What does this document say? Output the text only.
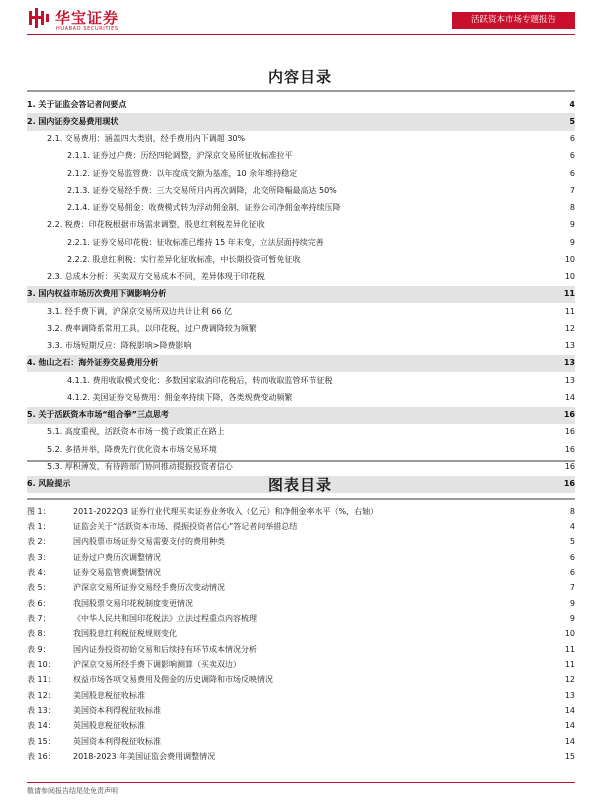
华宝证券
HUABAO SECURITIES
活跃资本市场专题报告
内容目录
1. 关于证监会答记者问要点	4
2. 国内证券交易费用现状	5
2.1. 交易费用：涵盖四大类别，经手费用内下调超 30%	6
2.1.1. 证券过户费：历经四轮调整，沪深京交易所征收标准拉平	6
2.1.2. 证券交易监管费：以年度成交额为基准，10 余年维持稳定	6
2.1.3. 证券交易经手费：三大交易所月内再次调降，北交所降幅最高达 50%	7
2.1.4. 证券交易佣金：收费模式转为浮动佣金制，证券公司净佣金率持续压降	8
2.2. 税费：印花税根据市场需求调整，股息红利税差异化征收	9
2.2.1. 证券交易印花税：征收标准已维持 15 年未变，立法层面持续完善	9
2.2.2. 股息红利税：实行差异化征收标准，中长期投资可暂免征收	10
2.3. 总成本分析：买卖双方交易成本不同，差异体现于印花税	10
3. 国内权益市场历次费用下调影响分析	11
3.1. 经手费下调，沪深京交易所双边共计让利 66 亿	11
3.2. 费率调降系常用工具，以印花税、过户费调降较为频繁	12
3.3. 市场短期反应：降税影响>降费影响	13
4. 他山之石：海外证券交易费用分析	13
4.1.1. 费用收取模式变化：多数国家取消印花税后，转而收取监管环节征税	13
4.1.2. 美国证券交易费用：佣金率持续下降，各类规费变动频繁	14
5. 关于活跃资本市场“组合拳”三点思考	16
5.1. 高度重视，活跃资本市场一揽子政策正在路上	16
5.2. 多措并举，降费先行优化资本市场交易环境	16
5.3. 厚积薄发，有待跨部门协同推动提振投资者信心	16
6. 风险提示	16
图表目录
图 1：	2011-2022Q3 证券行业代理买卖证券业务收入（亿元）和净佣金率水平（%，右轴）	8
表 1：	证监会关于“活跃资本市场、提振投资者信心”答记者问举措总结	4
表 2：	国内股票市场证券交易需要支付的费用种类	5
表 3：	证券过户费历次调整情况	6
表 4：	证券交易监管费调整情况	6
表 5：	沪深京交易所证券交易经手费历次变动情况	7
表 6：	我国股票交易印花税制度变更情况	9
表 7：	《中华人民共和国印花税法》立法过程重点内容梳理	9
表 8：	我国股息红利税征税规则变化	10
表 9：	国内证券投资初始交易和后续持有环节成本情况分析	11
表 10：	沪深京交易所经手费下调影响测算（买卖双边）	11
表 11：	权益市场各项交易费用及佣金的历史调降和市场反映情况	12
表 12：	美国股息税征收标准	13
表 13：	美国资本利得税征收标准	14
表 14：	英国股息税征收标准	14
表 15：	英国资本利得税征收标准	14
表 16：	2018-2023 年美国证监会费用调整情况	15
敬请参阅报告结尾处免责声明
